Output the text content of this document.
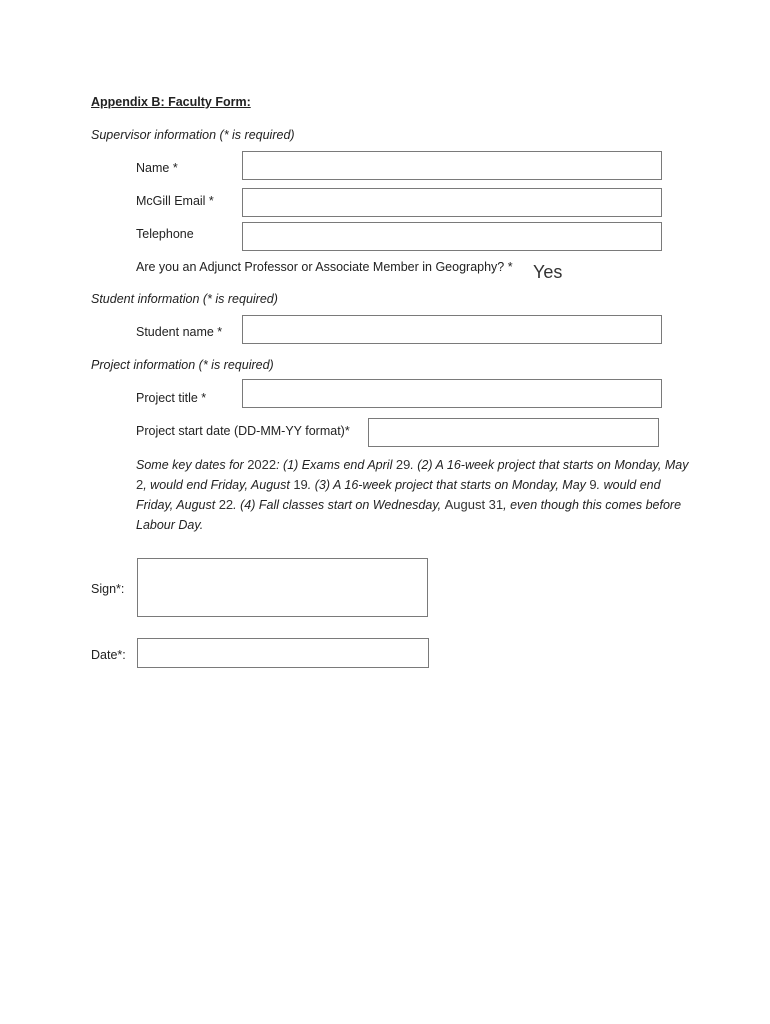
Appendix B: Faculty Form:
Supervisor information (* is required)
Name *
McGill Email *
Telephone
Are you an Adjunct Professor or Associate Member in Geography? * Yes
Student information (* is required)
Student name *
Project information (* is required)
Project title *
Project start date (DD-MM-YY format)*
Some key dates for 2022: (1) Exams end April 29. (2) A 16-week project that starts on Monday, May 2, would end Friday, August 19. (3) A 16-week project that starts on Monday, May 9. would end Friday, August 22. (4) Fall classes start on Wednesday, August 31, even though this comes before Labour Day.
Sign*:
Date*:
